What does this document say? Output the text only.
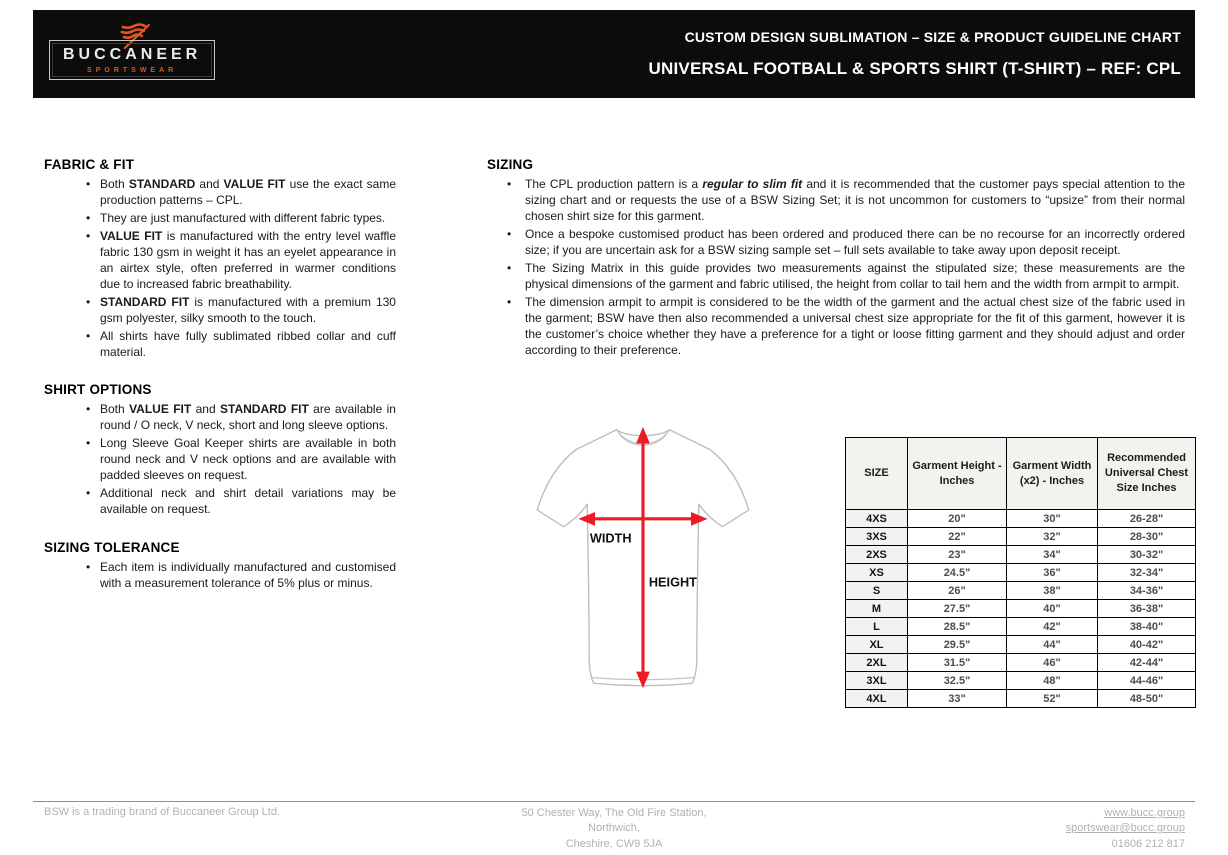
BUCCANEER
SPORTSWEAR
CUSTOM DESIGN SUBLIMATION – SIZE & PRODUCT GUIDELINE CHART
UNIVERSAL FOOTBALL & SPORTS SHIRT (T-SHIRT) – REF: CPL
FABRIC & FIT
• Both STANDARD and VALUE FIT use the exact same production patterns – CPL.
• They are just manufactured with different fabric types.
• VALUE FIT is manufactured with the entry level waffle fabric 130 gsm in weight it has an eyelet appearance in an airtex style, often preferred in warmer conditions due to increased fabric breathability.
• STANDARD FIT is manufactured with a premium 130 gsm polyester, silky smooth to the touch.
• All shirts have fully sublimated ribbed collar and cuff material.
SHIRT OPTIONS
• Both VALUE FIT and STANDARD FIT are available in round / O neck, V neck, short and long sleeve options.
• Long Sleeve Goal Keeper shirts are available in both round neck and V neck options and are available with padded sleeves on request.
• Additional neck and shirt detail variations may be available on request.
SIZING TOLERANCE
• Each item is individually manufactured and customised with a measurement tolerance of 5% plus or minus.
SIZING
•	The CPL production pattern is a regular to slim fit and it is recommended that the customer pays special attention to the sizing chart and or requests the use of a BSW Sizing Set; it is not uncommon for customers to “upsize” from their normal chosen shirt size for this garment.
•	Once a bespoke customised product has been ordered and produced there can be no recourse for an incorrectly ordered size; if you are uncertain ask for a BSW sizing sample set – full sets available to take away upon deposit receipt.
•	The Sizing Matrix in this guide provides two measurements against the stipulated size; these measurements are the physical dimensions of the garment and fabric utilised, the height from collar to tail hem and the width from armpit to armpit.
•	The dimension armpit to armpit is considered to be the width of the garment and the actual chest size of the fabric used in the garment; BSW have then also recommended a universal chest size appropriate for the fit of this garment, however it is the customer’s choice whether they have a preference for a tight or loose fitting garment and they should adjust and order according to their preference.
WIDTH
HEIGHT
SIZE	Garment Height - Inches	Garment Width (x2) - Inches	Recommended Universal Chest Size Inches
4XS	20"	30"	26-28"
3XS	22"	32"	28-30"
2XS	23"	34"	30-32"
XS	24.5"	36"	32-34"
S	26"	38"	34-36"
M	27.5"	40"	36-38"
L	28.5"	42"	38-40"
XL	29.5"	44"	40-42"
2XL	31.5"	46"	42-44"
3XL	32.5"	48"	44-46"
4XL	33"	52"	48-50"
BSW is a trading brand of Buccaneer Group Ltd.	50 Chester Way, The Old Fire Station,
Northwich,
Cheshire, CW9 5JA
www.bucc.group
sportswear@bucc.group
01606 212 817
